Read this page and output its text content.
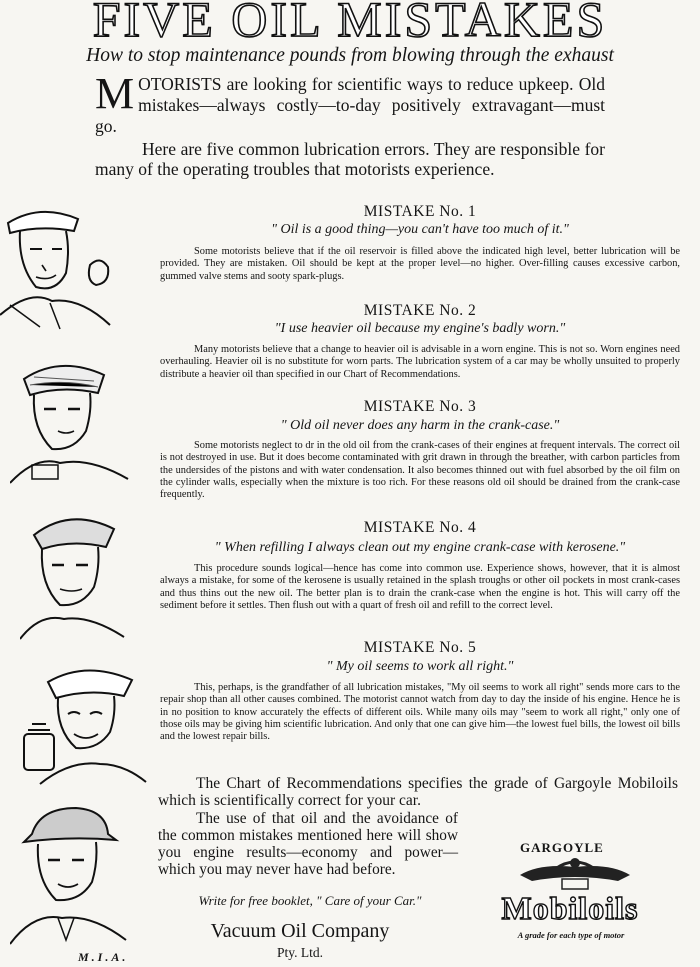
FIVE OIL MISTAKES
How to stop maintenance pounds from blowing through the exhaust
MOTORISTS are looking for scientific ways to reduce upkeep. Old mistakes—always costly—to-day positively extravagant—must go.
Here are five common lubrication errors. They are responsible for many of the operating troubles that motorists experience.
MISTAKE No. 1
" Oil is a good thing—you can't have too much of it."
Some motorists believe that if the oil reservoir is filled above the indicated high level, better lubrication will be provided. They are mistaken. Oil should be kept at the proper level—no higher. Over-filling causes excessive carbon, gummed valve stems and sooty spark-plugs.
MISTAKE No. 2
"I use heavier oil because my engine's badly worn."
Many motorists believe that a change to heavier oil is advisable in a worn engine. This is not so. Worn engines need overhauling. Heavier oil is no substitute for worn parts. The lubrication system of a car may be wholly unsuited to properly distribute a heavier oil than specified in our Chart of Recommendations.
MISTAKE No. 3
" Old oil never does any harm in the crank-case."
Some motorists neglect to dr in the old oil from the crank-cases of their engines at frequent intervals. The correct oil is not destroyed in use. But it does become contaminated with grit drawn in through the breather, with carbon particles from the undersides of the pistons and with water condensation. It also becomes thinned out with fuel absorbed by the oil film on the cylinder walls, especially when the mixture is too rich. For these reasons old oil should be drained from the crank-case frequently.
MISTAKE No. 4
" When refilling I always clean out my engine crank-case with kerosene."
This procedure sounds logical—hence has come into common use. Experience shows, however, that it is almost always a mistake, for some of the kerosene is usually retained in the splash troughs or other oil pockets in most crank-cases and thus thins out the new oil. The better plan is to drain the crank-case when the engine is hot. This will carry off the sediment before it settles. Then flush out with a quart of fresh oil and refill to the correct level.
MISTAKE No. 5
" My oil seems to work all right."
This, perhaps, is the grandfather of all lubrication mistakes, "My oil seems to work all right" sends more cars to the repair shop than all other causes combined. The motorist cannot watch from day to day the inside of his engine. Hence he is in no position to know accurately the effects of different oils. While many oils may "seem to work all right," only one of those oils may be giving him scientific lubrication. And only that one can give him—the lowest fuel bills, the lowest oil bills and the lowest repair bills.
The Chart of Recommendations specifies the grade of Gargoyle Mobiloils which is scientifically correct for your car.
The use of that oil and the avoidance of the common mistakes mentioned here will show you engine results—economy and power—which you may never have had before.
Write for free booklet, " Care of your Car."
Vacuum Oil Company
Pty. Ltd.
M.I.A.
GARGOYLE
Mobiloils
A grade for each type of motor
